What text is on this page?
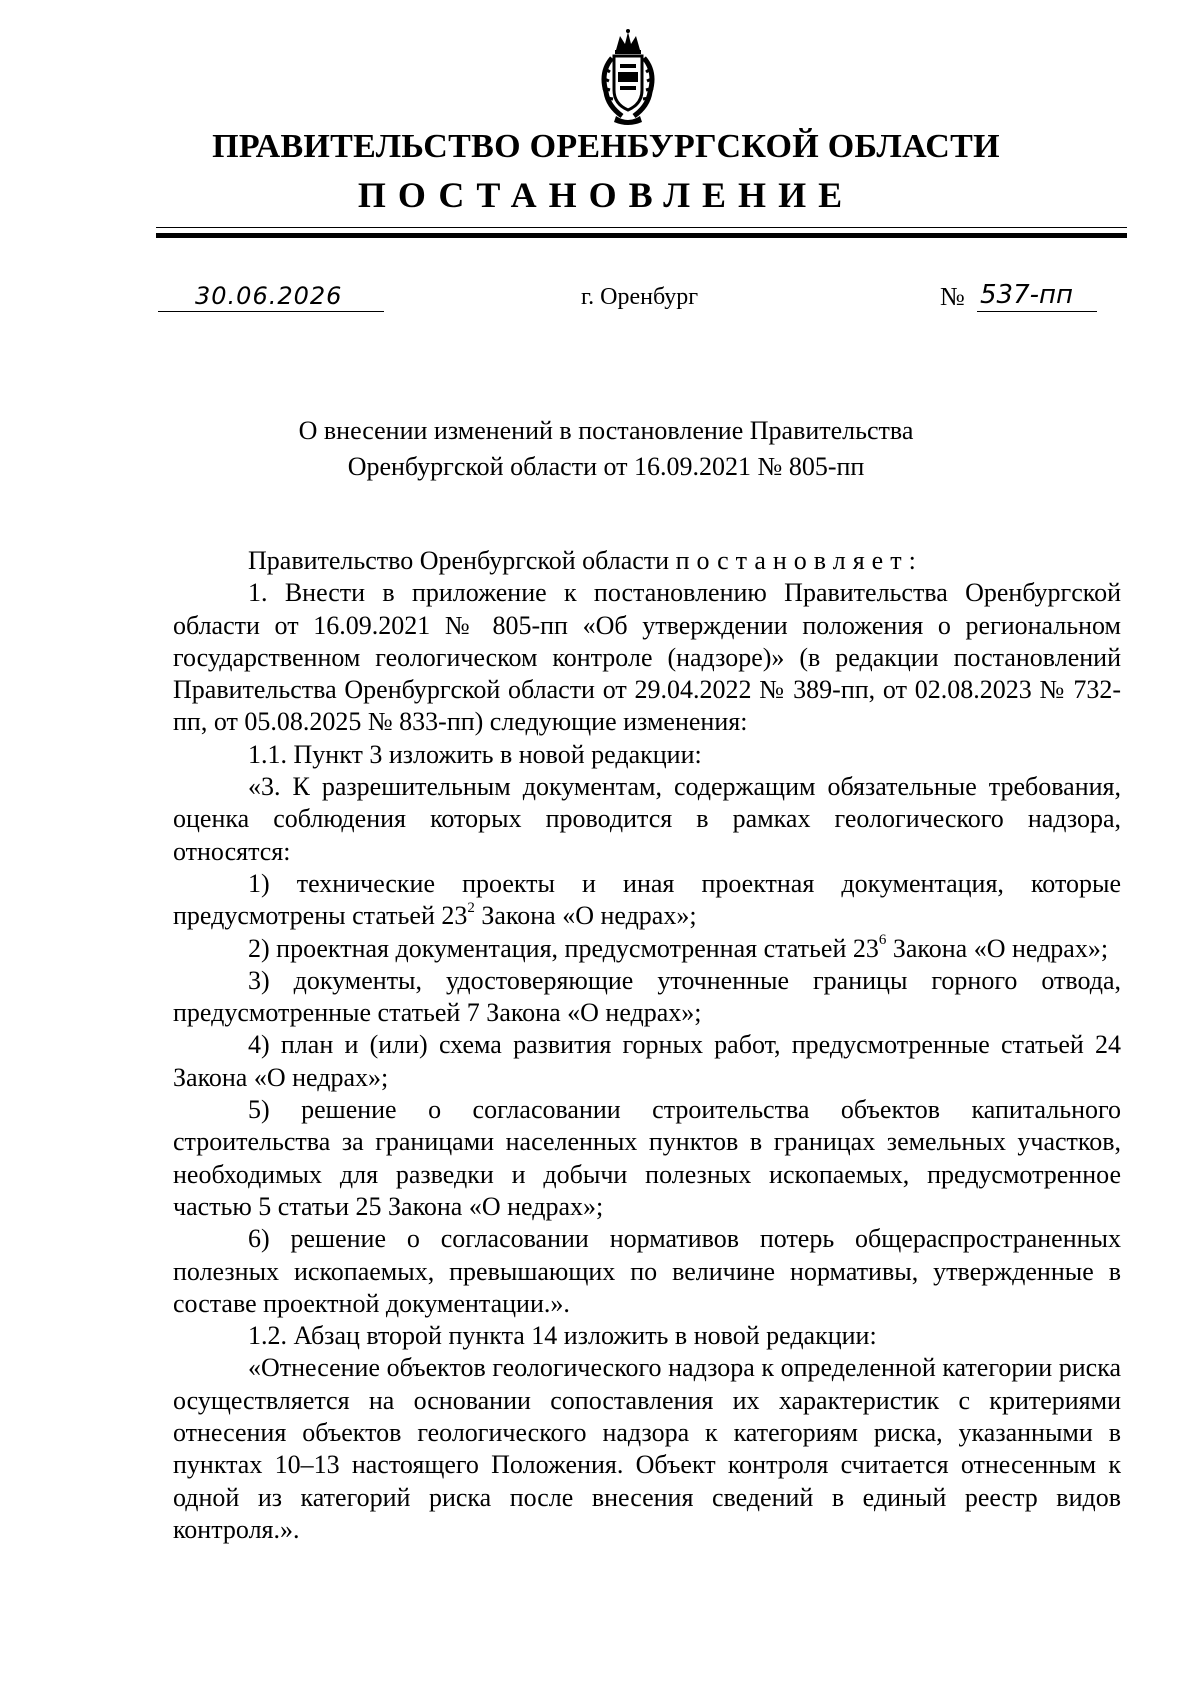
ПРАВИТЕЛЬСТВО ОРЕНБУРГСКОЙ ОБЛАСТИ
ПОСТАНОВЛЕНИЕ
30.06.2026	г. Оренбург	№ 537-пп
О внесении изменений в постановление Правительства
Оренбургской области от 16.09.2021 № 805-пп

Правительство Оренбургской области постановляет:

1. Внести в приложение к постановлению Правительства Оренбургской области от 16.09.2021 № 805-пп «Об утверждении положения о региональном государственном геологическом контроле (надзоре)» (в редакции постановлений Правительства Оренбургской области от 29.04.2022 № 389-пп, от 02.08.2023 № 732-пп, от 05.08.2025 № 833-пп) следующие изменения:

1.1. Пункт 3 изложить в новой редакции:

«3. К разрешительным документам, содержащим обязательные требования, оценка соблюдения которых проводится в рамках геологического надзора, относятся:

1) технические проекты и иная проектная документация, которые предусмотрены статьей $23^2$ Закона «О недрах»;

2) проектная документация, предусмотренная статьей $23^6$ Закона «О недрах»;

3) документы, удостоверяющие уточненные границы горного отвода, предусмотренные статьей 7 Закона «О недрах»;

4) план и (или) схема развития горных работ, предусмотренные статьей 24 Закона «О недрах»;

5) решение о согласовании строительства объектов капитального строительства за границами населенных пунктов в границах земельных участков, необходимых для разведки и добычи полезных ископаемых, предусмотренное частью 5 статьи 25 Закона «О недрах»;

6) решение о согласовании нормативов потерь общераспространенных полезных ископаемых, превышающих по величине нормативы, утвержденные в составе проектной документации.».

1.2. Абзац второй пункта 14 изложить в новой редакции:

«Отнесение объектов геологического надзора к определенной категории риска осуществляется на основании сопоставления их характеристик с критериями отнесения объектов геологического надзора к категориям риска, указанными в пунктах 10–13 настоящего Положения. Объект контроля считается отнесенным к одной из категорий риска после внесения сведений в единый реестр видов контроля.».
